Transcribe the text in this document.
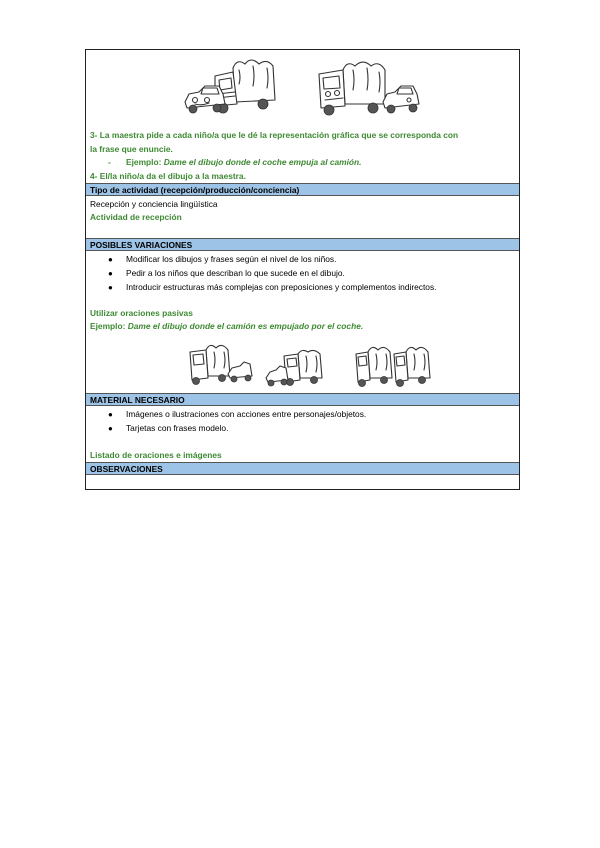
3- La maestra pide a cada niño/a que le dé la representación gráfica que se corresponda con
la frase que enuncie.
- Ejemplo: Dame el dibujo donde el coche empuja al camión.
4- El/la niño/a da el dibujo a la maestra.
Tipo de actividad (recepción/producción/conciencia)
Recepción y conciencia lingüística
Actividad de recepción
POSIBLES VARIACIONES
● Modificar los dibujos y frases según el nivel de los niños.
● Pedir a los niños que describan lo que sucede en el dibujo.
● Introducir estructuras más complejas con preposiciones y complementos indirectos.
Utilizar oraciones pasivas
Ejemplo: Dame el dibujo donde el camión es empujado por el coche.
MATERIAL NECESARIO
● Imágenes o ilustraciones con acciones entre personajes/objetos.
● Tarjetas con frases modelo.
Listado de oraciones e imágenes
OBSERVACIONES
